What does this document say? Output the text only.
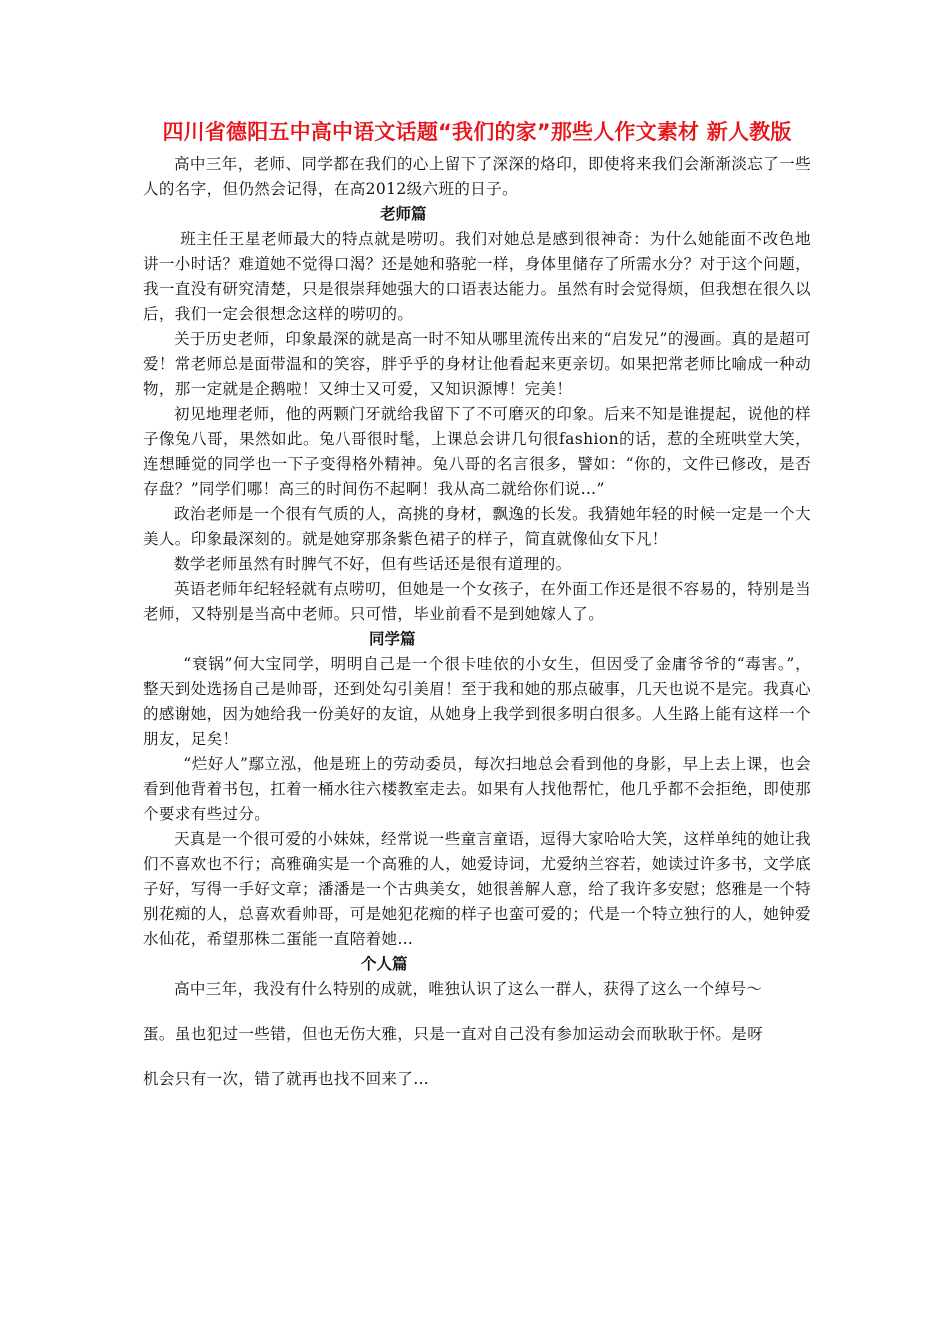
四川省德阳五中高中语文话题“我们的家”那些人作文素材 新人教版

高中三年，老师、同学都在我们的心上留下了深深的烙印，即使将来我们会渐渐淡忘了一些人的名字，但仍然会记得，在高2012级六班的日子。

老师篇

班主任王星老师最大的特点就是唠叨。我们对她总是感到很神奇：为什么她能面不改色地讲一小时话？难道她不觉得口渴？还是她和骆驼一样，身体里储存了所需水分？对于这个问题，我一直没有研究清楚，只是很崇拜她强大的口语表达能力。虽然有时会觉得烦，但我想在很久以后，我们一定会很想念这样的唠叨的。

关于历史老师，印象最深的就是高一时不知从哪里流传出来的“启发兄”的漫画。真的是超可爱！常老师总是面带温和的笑容，胖乎乎的身材让他看起来更亲切。如果把常老师比喻成一种动物，那一定就是企鹅啦！又绅士又可爱，又知识源博！完美！

初见地理老师，他的两颗门牙就给我留下了不可磨灭的印象。后来不知是谁提起，说他的样子像兔八哥，果然如此。兔八哥很时髦，上课总会讲几句很fashion的话，惹的全班哄堂大笑，连想睡觉的同学也一下子变得格外精神。兔八哥的名言很多，譬如：“你的，文件已修改，是否存盘？”同学们哪！高三的时间伤不起啊！我从高二就给你们说…”

政治老师是一个很有气质的人，高挑的身材，飘逸的长发。我猜她年轻的时候一定是一个大美人。印象最深刻的。就是她穿那条紫色裙子的样子，简直就像仙女下凡！

数学老师虽然有时脾气不好，但有些话还是很有道理的。

英语老师年纪轻轻就有点唠叨，但她是一个女孩子，在外面工作还是很不容易的，特别是当老师，又特别是当高中老师。只可惜，毕业前看不是到她嫁人了。

同学篇

“衰锅”何大宝同学，明明自己是一个很卡哇依的小女生，但因受了金庸爷爷的“毒害。”，整天到处选扬自己是帅哥，还到处勾引美眉！至于我和她的那点破事，几天也说不是完。我真心的感谢她，因为她给我一份美好的友谊，从她身上我学到很多明白很多。人生路上能有这样一个朋友，足矣！

“烂好人”鄢立泓，他是班上的劳动委员，每次扫地总会看到他的身影，早上去上课，也会看到他背着书包，扛着一桶水往六楼教室走去。如果有人找他帮忙，他几乎都不会拒绝，即使那个要求有些过分。

天真是一个很可爱的小妹妹，经常说一些童言童语，逗得大家哈哈大笑，这样单纯的她让我们不喜欢也不行；高雅确实是一个高雅的人，她爱诗词，尤爱纳兰容若，她读过许多书，文学底子好，写得一手好文章；潘潘是一个古典美女，她很善解人意，给了我许多安慰；悠雅是一个特别花痴的人，总喜欢看帅哥，可是她犯花痴的样子也蛮可爱的；代是一个特立独行的人，她钟爱水仙花，希望那株二蛋能一直陪着她…

个人篇

高中三年，我没有什么特别的成就，唯独认识了这么一群人，获得了这么一个绰号～

蛋。虽也犯过一些错，但也无伤大雅，只是一直对自己没有参加运动会而耿耿于怀。是呀

机会只有一次，错了就再也找不回来了…
